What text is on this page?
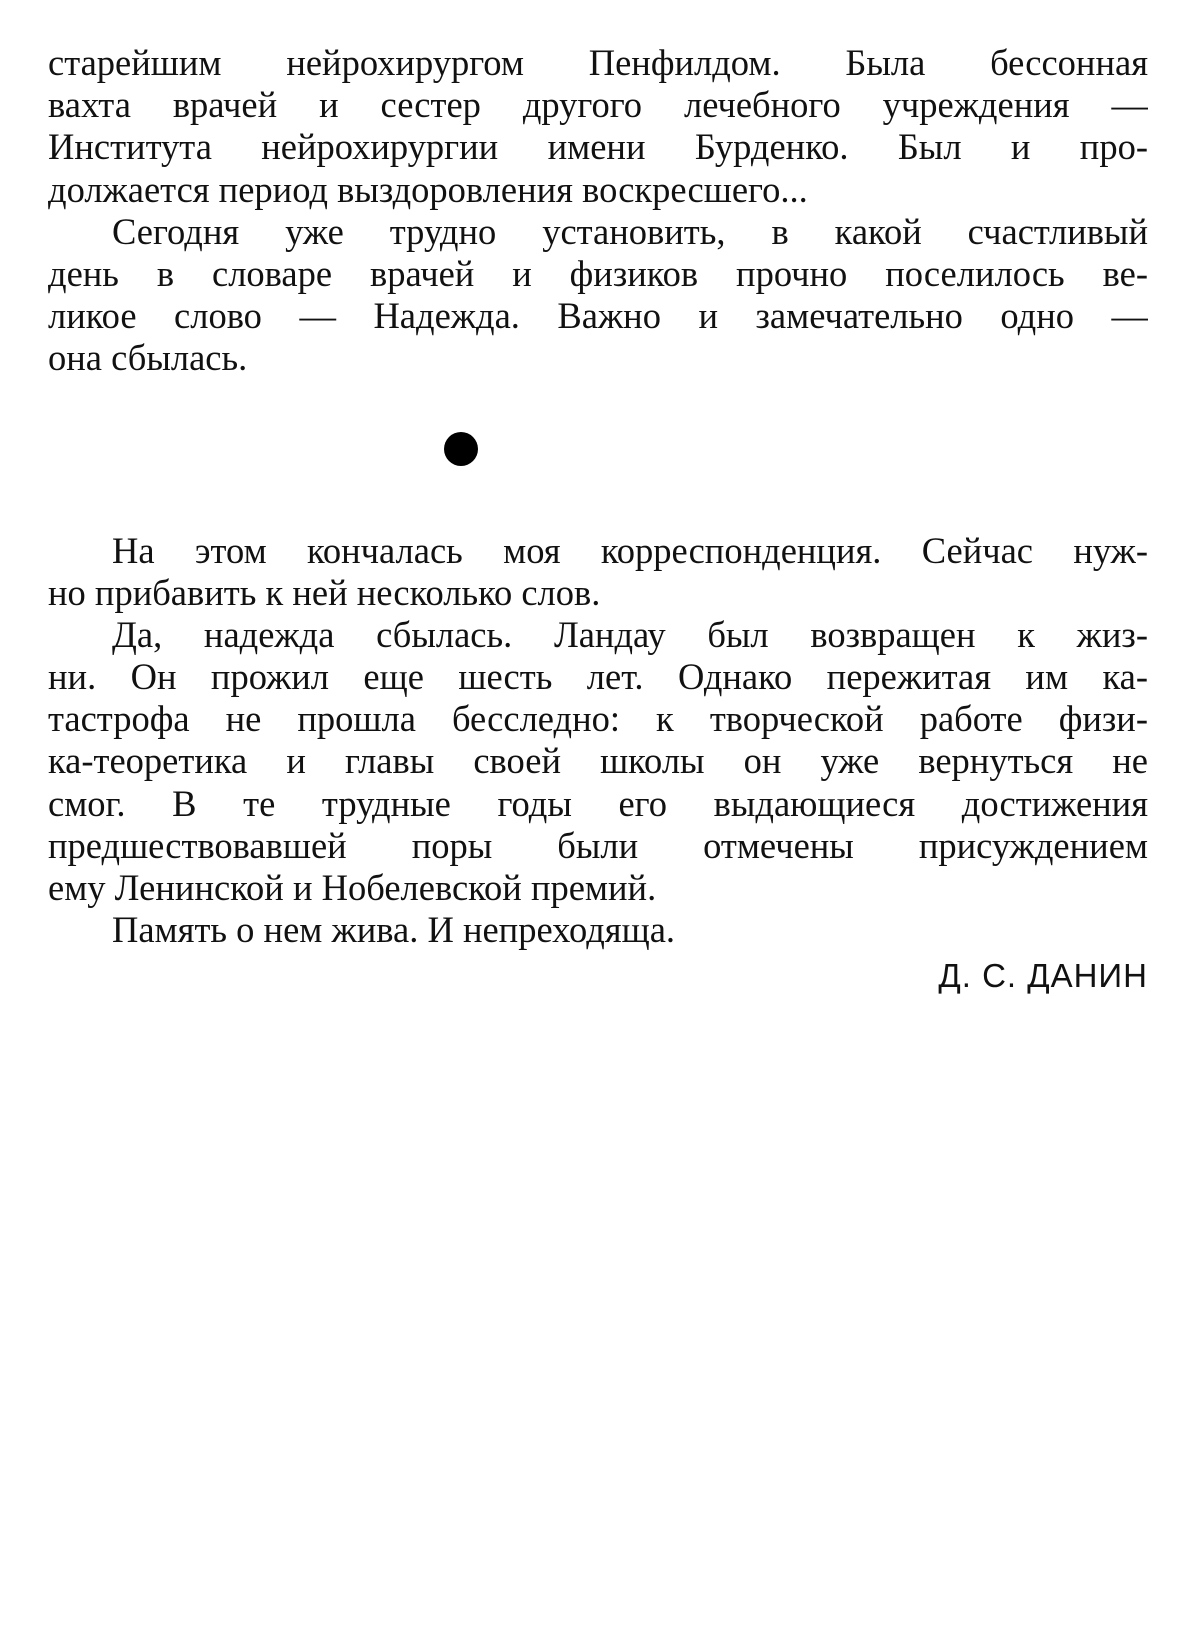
старейшим нейрохирургом Пенфилдом. Была бессонная
вахта врачей и сестер другого лечебного учреждения —
Института нейрохирургии имени Бурденко. Был и про-
должается период выздоровления воскресшего...
Сегодня уже трудно установить, в какой счастливый
день в словаре врачей и физиков прочно поселилось ве-
ликое слово — Надежда. Важно и замечательно одно —
она сбылась.
На этом кончалась моя корреспонденция. Сейчас нуж-
но прибавить к ней несколько слов.
Да, надежда сбылась. Ландау был возвращен к жиз-
ни. Он прожил еще шесть лет. Однако пережитая им ка-
тастрофа не прошла бесследно: к творческой работе физи-
ка-теоретика и главы своей школы он уже вернуться не
смог. В те трудные годы его выдающиеся достижения
предшествовавшей поры были отмечены присуждением
ему Ленинской и Нобелевской премий.
Память о нем жива. И непреходяща.
Д. С. ДАНИН
